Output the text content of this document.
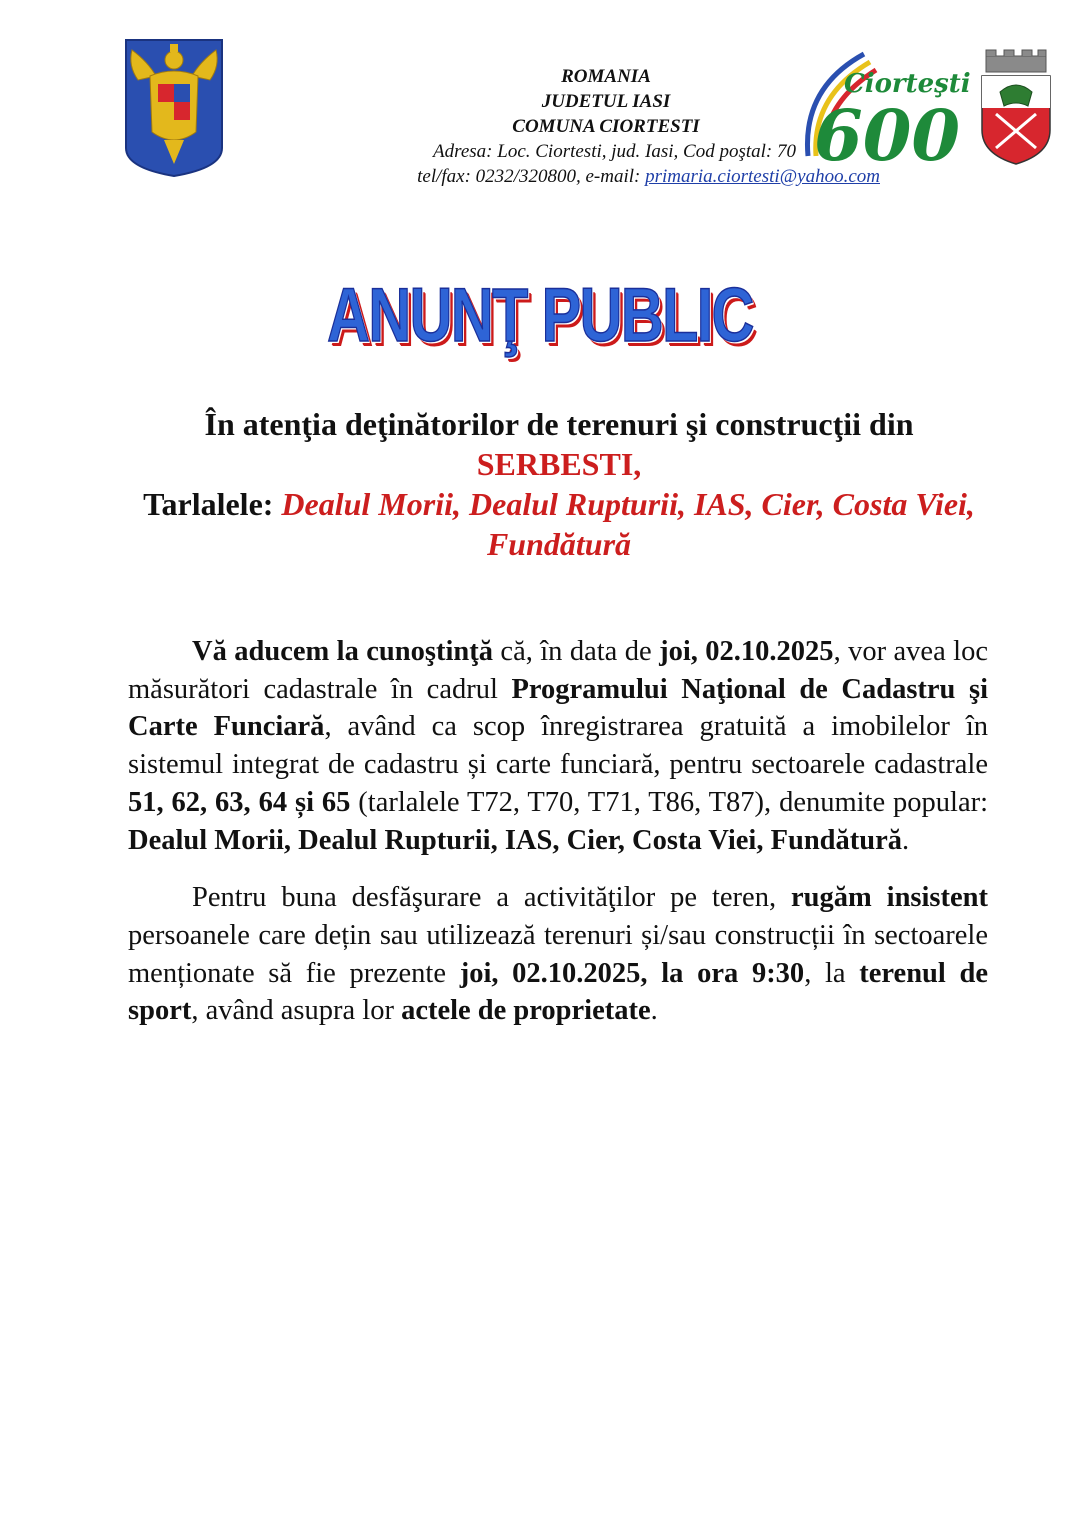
ROMANIA
JUDETUL IASI
COMUNA CIORTESTI
Adresa: Loc. Ciortesti, jud. Iasi, Cod poştal: 70
tel/fax: 0232/320800, e-mail: primaria.ciortesti@yahoo.com
Ciorteşti
600
ANUNŢ PUBLIC
În atenţia deţinătorilor de terenuri şi construcţii din
SERBESTI,
Tarlalele: Dealul Morii, Dealul Rupturii, IAS, Cier, Costa Viei, Fundătură

Vă aducem la cunoştinţă că, în data de joi, 02.10.2025, vor avea loc măsurători cadastrale în cadrul Programului Naţional de Cadastru şi Carte Funciară, având ca scop înregistrarea gratuită a imobilelor în sistemul integrat de cadastru și carte funciară, pentru sectoarele cadastrale 51, 62, 63, 64 și 65 (tarlalele T72, T70, T71, T86, T87), denumite popular: Dealul Morii, Dealul Rupturii, IAS, Cier, Costa Viei, Fundătură.

Pentru buna desfăşurare a activităţilor pe teren, rugăm insistent persoanele care dețin sau utilizează terenuri și/sau construcții în sectoarele menționate să fie prezente joi, 02.10.2025, la ora 9:30, la terenul de sport, având asupra lor actele de proprietate.
